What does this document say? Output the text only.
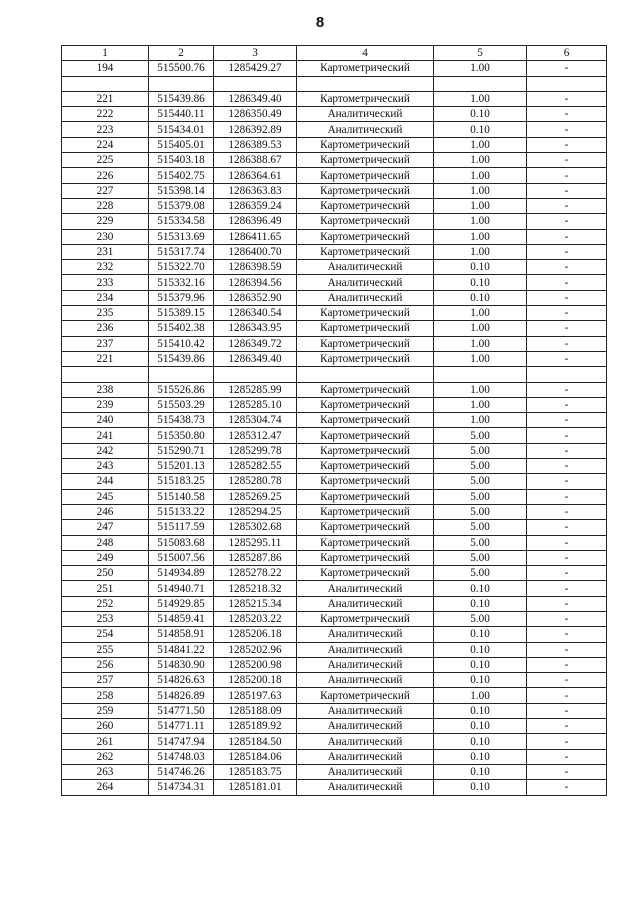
8
1	2	3	4	5	6
194	515500.76	1285429.27	Картометрический	1.00	-

221	515439.86	1286349.40	Картометрический	1.00	-
222	515440.11	1286350.49	Аналитический	0.10	-
223	515434.01	1286392.89	Аналитический	0.10	-
224	515405.01	1286389.53	Картометрический	1.00	-
225	515403.18	1286388.67	Картометрический	1.00	-
226	515402.75	1286364.61	Картометрический	1.00	-
227	515398.14	1286363.83	Картометрический	1.00	-
228	515379.08	1286359.24	Картометрический	1.00	-
229	515334.58	1286396.49	Картометрический	1.00	-
230	515313.69	1286411.65	Картометрический	1.00	-
231	515317.74	1286400.70	Картометрический	1.00	-
232	515322.70	1286398.59	Аналитический	0.10	-
233	515332.16	1286394.56	Аналитический	0.10	-
234	515379.96	1286352.90	Аналитический	0.10	-
235	515389.15	1286340.54	Картометрический	1.00	-
236	515402.38	1286343.95	Картометрический	1.00	-
237	515410.42	1286349.72	Картометрический	1.00	-
221	515439.86	1286349.40	Картометрический	1.00	-

238	515526.86	1285285.99	Картометрический	1.00	-
239	515503.29	1285285.10	Картометрический	1.00	-
240	515438.73	1285304.74	Картометрический	1.00	-
241	515350.80	1285312.47	Картометрический	5.00	-
242	515290.71	1285299.78	Картометрический	5.00	-
243	515201.13	1285282.55	Картометрический	5.00	-
244	515183.25	1285280.78	Картометрический	5.00	-
245	515140.58	1285269.25	Картометрический	5.00	-
246	515133.22	1285294.25	Картометрический	5.00	-
247	515117.59	1285302.68	Картометрический	5.00	-
248	515083.68	1285295.11	Картометрический	5.00	-
249	515007.56	1285287.86	Картометрический	5.00	-
250	514934.89	1285278.22	Картометрический	5.00	-
251	514940.71	1285218.32	Аналитический	0.10	-
252	514929.85	1285215.34	Аналитический	0.10	-
253	514859.41	1285203.22	Картометрический	5.00	-
254	514858.91	1285206.18	Аналитический	0.10	-
255	514841.22	1285202.96	Аналитический	0.10	-
256	514830.90	1285200.98	Аналитический	0.10	-
257	514826.63	1285200.18	Аналитический	0.10	-
258	514826.89	1285197.63	Картометрический	1.00	-
259	514771.50	1285188.09	Аналитический	0.10	-
260	514771.11	1285189.92	Аналитический	0.10	-
261	514747.94	1285184.50	Аналитический	0.10	-
262	514748.03	1285184.06	Аналитический	0.10	-
263	514746.26	1285183.75	Аналитический	0.10	-
264	514734.31	1285181.01	Аналитический	0.10	-
